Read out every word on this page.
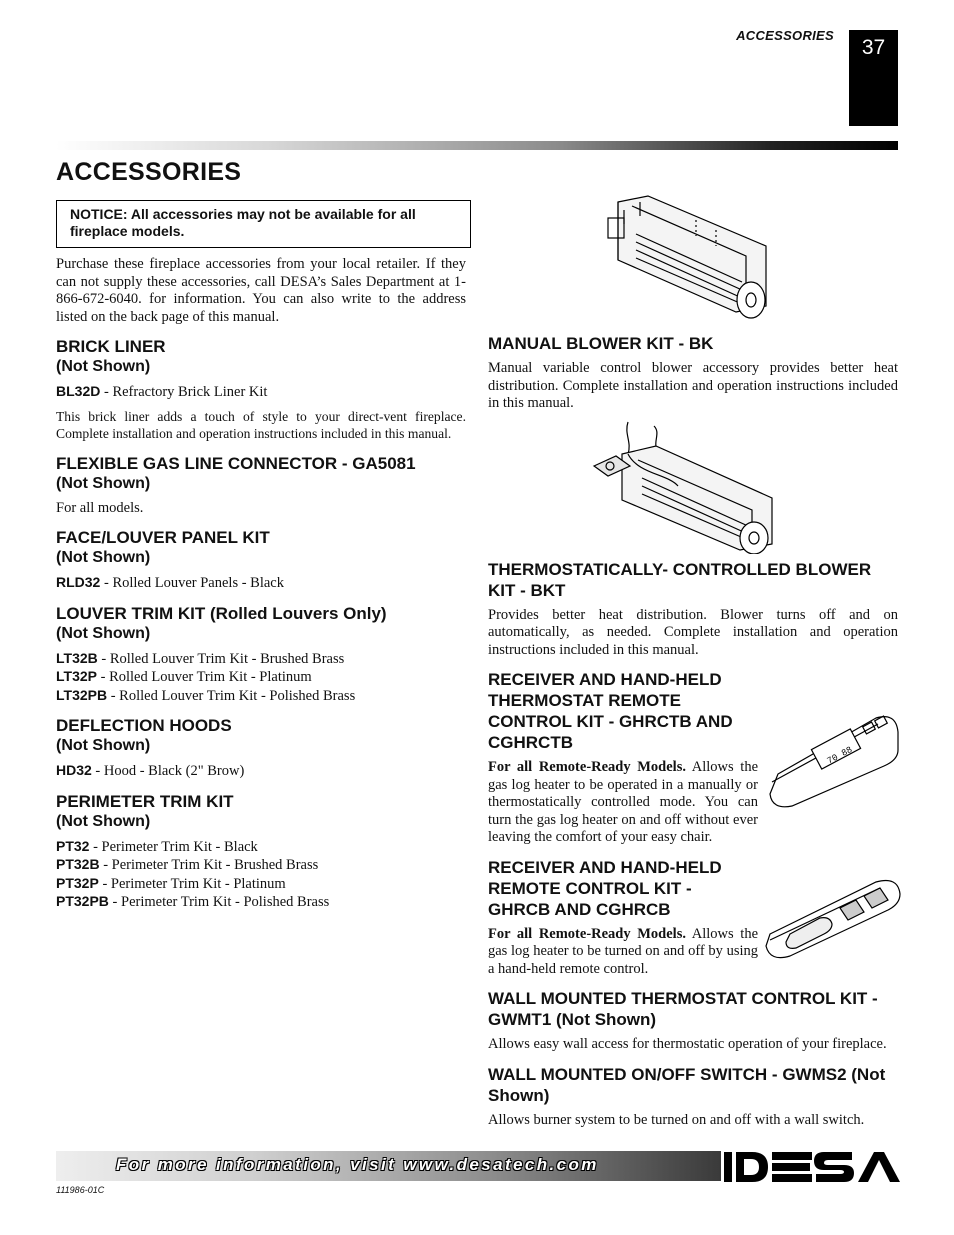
ACCESSORIES
37
ACCESSORIES
NOTICE: All accessories may not be available for all fireplace models.

Purchase these fireplace accessories from your local retailer. If they can not supply these accessories, call DESA’s Sales Department at 1-866-672-6040. for information. You can also write to the address listed on the back page of this manual.

BRICK LINER
(Not Shown)

BL32D - Refractory Brick Liner Kit

This brick liner adds a touch of style to your direct-vent fireplace. Complete installation and operation instructions included in this manual.

FLEXIBLE GAS LINE CONNECTOR - GA5081
(Not Shown)

For all models.

FACE/LOUVER PANEL KIT
(Not Shown)

RLD32 - Rolled Louver Panels - Black

LOUVER TRIM KIT (Rolled Louvers Only)
(Not Shown)

LT32B - Rolled Louver Trim Kit - Brushed Brass

LT32P - Rolled Louver Trim Kit - Platinum

LT32PB - Rolled Louver Trim Kit - Polished Brass

DEFLECTION HOODS
(Not Shown)

HD32 - Hood - Black (2" Brow)

PERIMETER TRIM KIT
(Not Shown)

PT32 - Perimeter Trim Kit - Black

PT32B - Perimeter Trim Kit - Brushed Brass

PT32P - Perimeter Trim Kit - Platinum

PT32PB - Perimeter Trim Kit - Polished Brass

MANUAL BLOWER KIT - BK

Manual variable control blower accessory provides better heat distribution. Complete installation and operation instructions included in this manual.

THERMOSTATICALLY- CONTROLLED BLOWER KIT - BKT

Provides better heat distribution. Blower turns off and on automatically, as needed. Complete installation and operation instructions included in this manual.

RECEIVER AND HAND-HELD THERMOSTAT REMOTE CONTROL KIT - GHRCTB AND CGHRCTB

For all Remote-Ready Models. Allows the gas log heater to be operated in a manually or thermostatically controlled mode. You can turn the gas log heater on and off without ever leaving the comfort of your easy chair.

RECEIVER AND HAND-HELD REMOTE CONTROL KIT - GHRCB AND CGHRCB

For all Remote-Ready Models. Allows the gas log heater to be turned on and off by using a hand-held remote control.

WALL MOUNTED THERMOSTAT CONTROL KIT - GWMT1 (Not Shown)

Allows easy wall access for thermostatic operation of your fireplace.

WALL MOUNTED ON/OFF SWITCH - GWMS2 (Not Shown)

Allows burner system to be turned on and off with a wall switch.

70 88
For more information, visit www.desatech.com
111986-01C
